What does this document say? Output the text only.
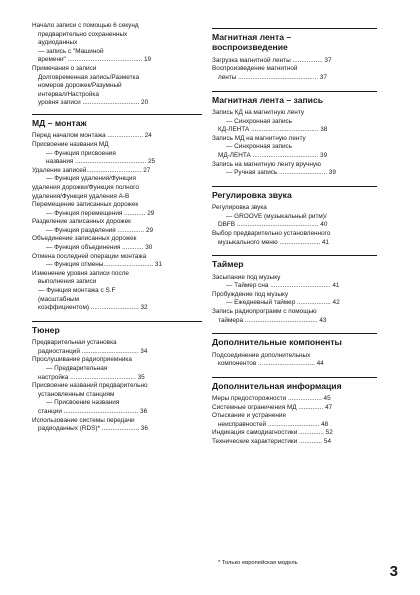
Начало записи с помощью 6 секунд
предварительно сохраненных
аудиоданных
— запись с "Машиной
времени" .......................................... 19
Примечания о записи
Долговременная запись/Разметка
номеров дорожек/Разумный
интервал/Настройка
уровня записи ................................ 20
МД – монтаж
Перед началом монтажа .................... 24
Присвоение названия МД
— Функция присвоения
названия ........................................ 25
Удаление записей............................... 27
— Функция удаления/Функция
удаления дорожки/Функция полного
удаления/Функция удаления A-B
Перемещение записанных дорожек
— Функция перемещения ............ 29
Разделение записанных дорожек
— Функция разделения ............... 29
Объединение записанных дорожек
— Функция объединения ............ 30
Отмена последней операции монтажа
— Функция отмены............................ 31
Изменение уровня записи после
выполнения записи
— Функция монтажа с S.F
(масштабным
коэффициентом) ........................... 32
Тюнер
Предварительная установка
радиостанций ................................ 34
Прослушивание радиоприемника
— Предварительная
настройка ..................................... 35
Присвоение названий предварительно
установленным станциям
— Присвоение названия
станции .......................................... 36
Использование системы передачи
радиоданных (RDS)* ..................... 36
Магнитная лента –
воспроизведение
Загрузка магнитной ленты ................. 37
Воспроизведение магнитной
ленты ............................................. 37
Магнитная лента – запись
Запись КД на магнитную ленту
— Синхронная запись
КД-ЛЕНТА ...................................... 38
Запись МД на магнитную ленту
— Синхронная запись
МД-ЛЕНТА ..................................... 39
Запись на магнитную ленту вручную
— Ручная запись ........................... 39
Регулировка звука
Регулировка звука
— GROOVE (музыкальный ритм)/
DBFB .............................................. 40
Выбор предварительно установленного
музыкального меню ....................... 41
Таймер
Засыпание под музыку
— Таймер сна .................................. 41
Пробуждение под музыку
— Ежедневный таймер ................... 42
Запись радиопрограмм с помощью
таймера ......................................... 43
Дополнительные компоненты
Подсоединение дополнительных
компонентов ................................ 44
Дополнительная информация
Меры предосторожности ................... 45
Системные ограничения МД .............. 47
Отыскание и устранение
неисправностей ............................. 48
Индикация самодиагностики .............. 52
Технические характеристики ............. 54
* Только европейская модель	3
